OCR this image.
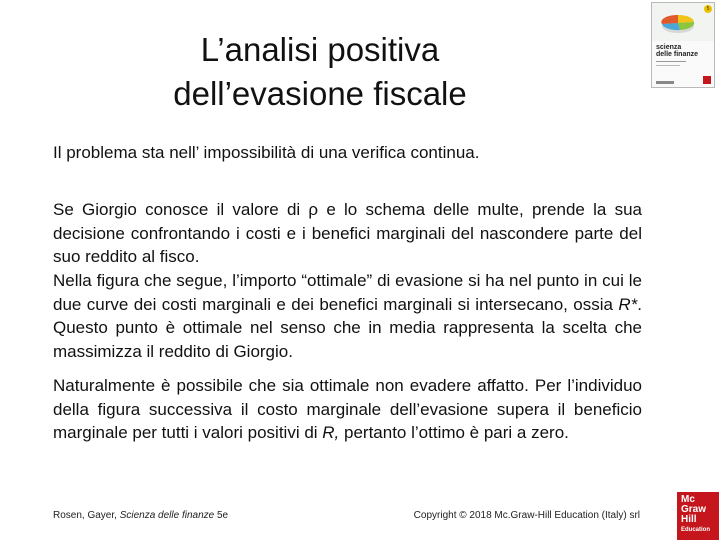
L’analisi positiva
dell’evasione fiscale
5
scienza
delle finanze
Il problema sta nell’ impossibilità di una verifica continua.
Se Giorgio conosce il valore di ρ e lo schema delle multe, prende la sua decisione confrontando i costi e i benefici marginali del nascondere parte del suo reddito al fisco.
Nella figura che segue, l’importo “ottimale” di evasione si ha nel punto in cui le due curve dei costi marginali e dei benefici marginali si intersecano, ossia R*. Questo punto è ottimale nel senso che in media rappresenta la scelta che massimizza il reddito di Giorgio.
Naturalmente è possibile che sia ottimale non evadere affatto. Per l’individuo della figura successiva il costo marginale dell’evasione supera il beneficio marginale per tutti i valori positivi di R, pertanto l’ottimo è pari a zero.
Rosen, Gayer, Scienza delle finanze 5e	Copyright © 2018 Mc.Graw-Hill Education (Italy) srl
Mc
Graw
Hill
Education
